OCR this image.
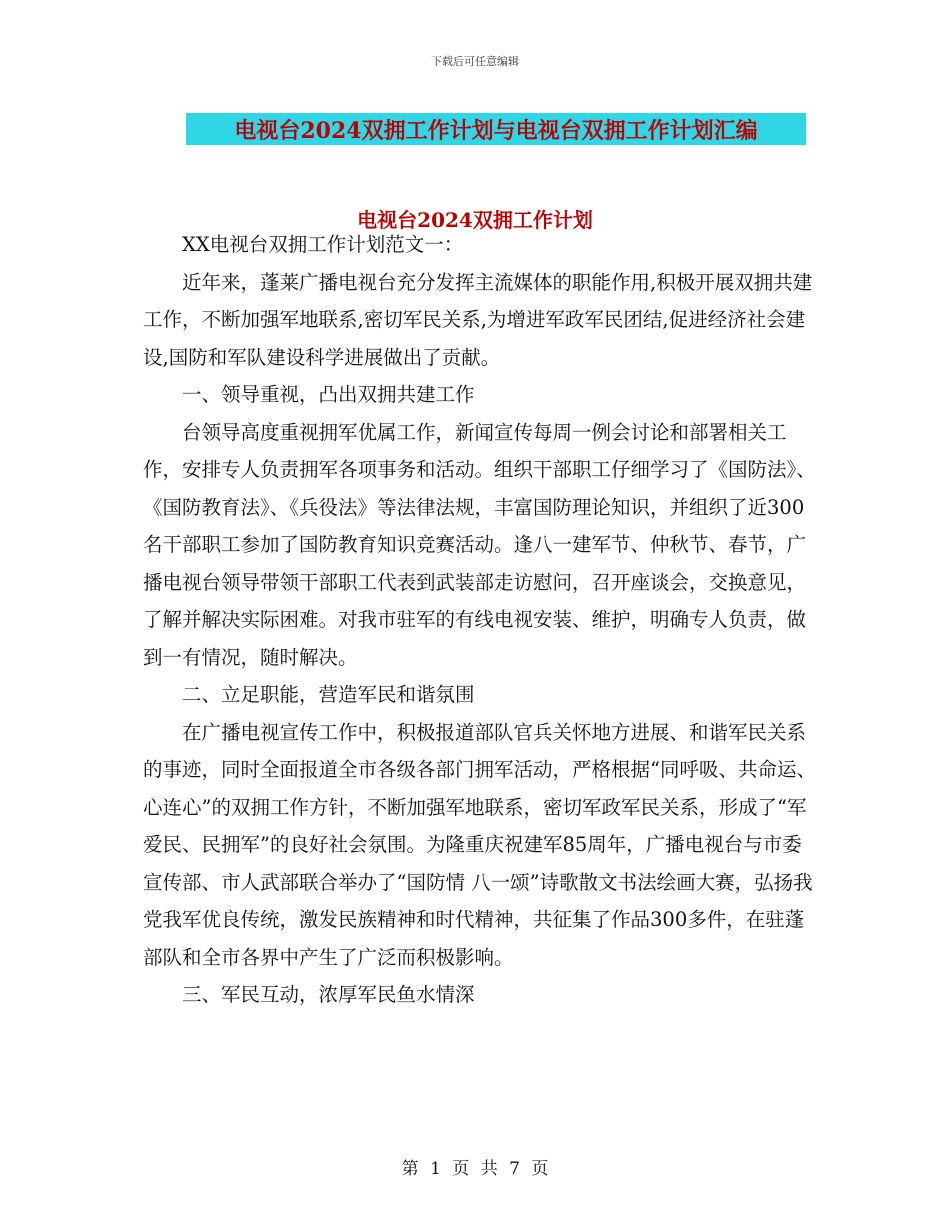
下载后可任意编辑
电视台2024双拥工作计划与电视台双拥工作计划汇编
电视台2024双拥工作计划

XX电视台双拥工作计划范文一：

近年来，蓬莱广播电视台充分发挥主流媒体的职能作用,积极开展双拥共建工作，不断加强军地联系,密切军民关系,为增进军政军民团结,促进经济社会建设,国防和军队建设科学进展做出了贡献。

一、领导重视，凸出双拥共建工作

台领导高度重视拥军优属工作，新闻宣传每周一例会讨论和部署相关工作，安排专人负责拥军各项事务和活动。组织干部职工仔细学习了《国防法》、《国防教育法》、《兵役法》等法律法规，丰富国防理论知识，并组织了近300名干部职工参加了国防教育知识竞赛活动。逢八一建军节、仲秋节、春节，广播电视台领导带领干部职工代表到武装部走访慰问，召开座谈会，交换意见，了解并解决实际困难。对我市驻军的有线电视安装、维护，明确专人负责，做到一有情况，随时解决。

二、立足职能，营造军民和谐氛围

在广播电视宣传工作中，积极报道部队官兵关怀地方进展、和谐军民关系的事迹，同时全面报道全市各级各部门拥军活动，严格根据“同呼吸、共命运、心连心”的双拥工作方针，不断加强军地联系，密切军政军民关系，形成了“军爱民、民拥军”的良好社会氛围。为隆重庆祝建军85周年，广播电视台与市委宣传部、市人武部联合举办了“国防情 八一颂”诗歌散文书法绘画大赛，弘扬我党我军优良传统，激发民族精神和时代精神，共征集了作品300多件，在驻蓬部队和全市各界中产生了广泛而积极影响。

三、军民互动，浓厚军民鱼水情深

第 1 页 共 7 页
